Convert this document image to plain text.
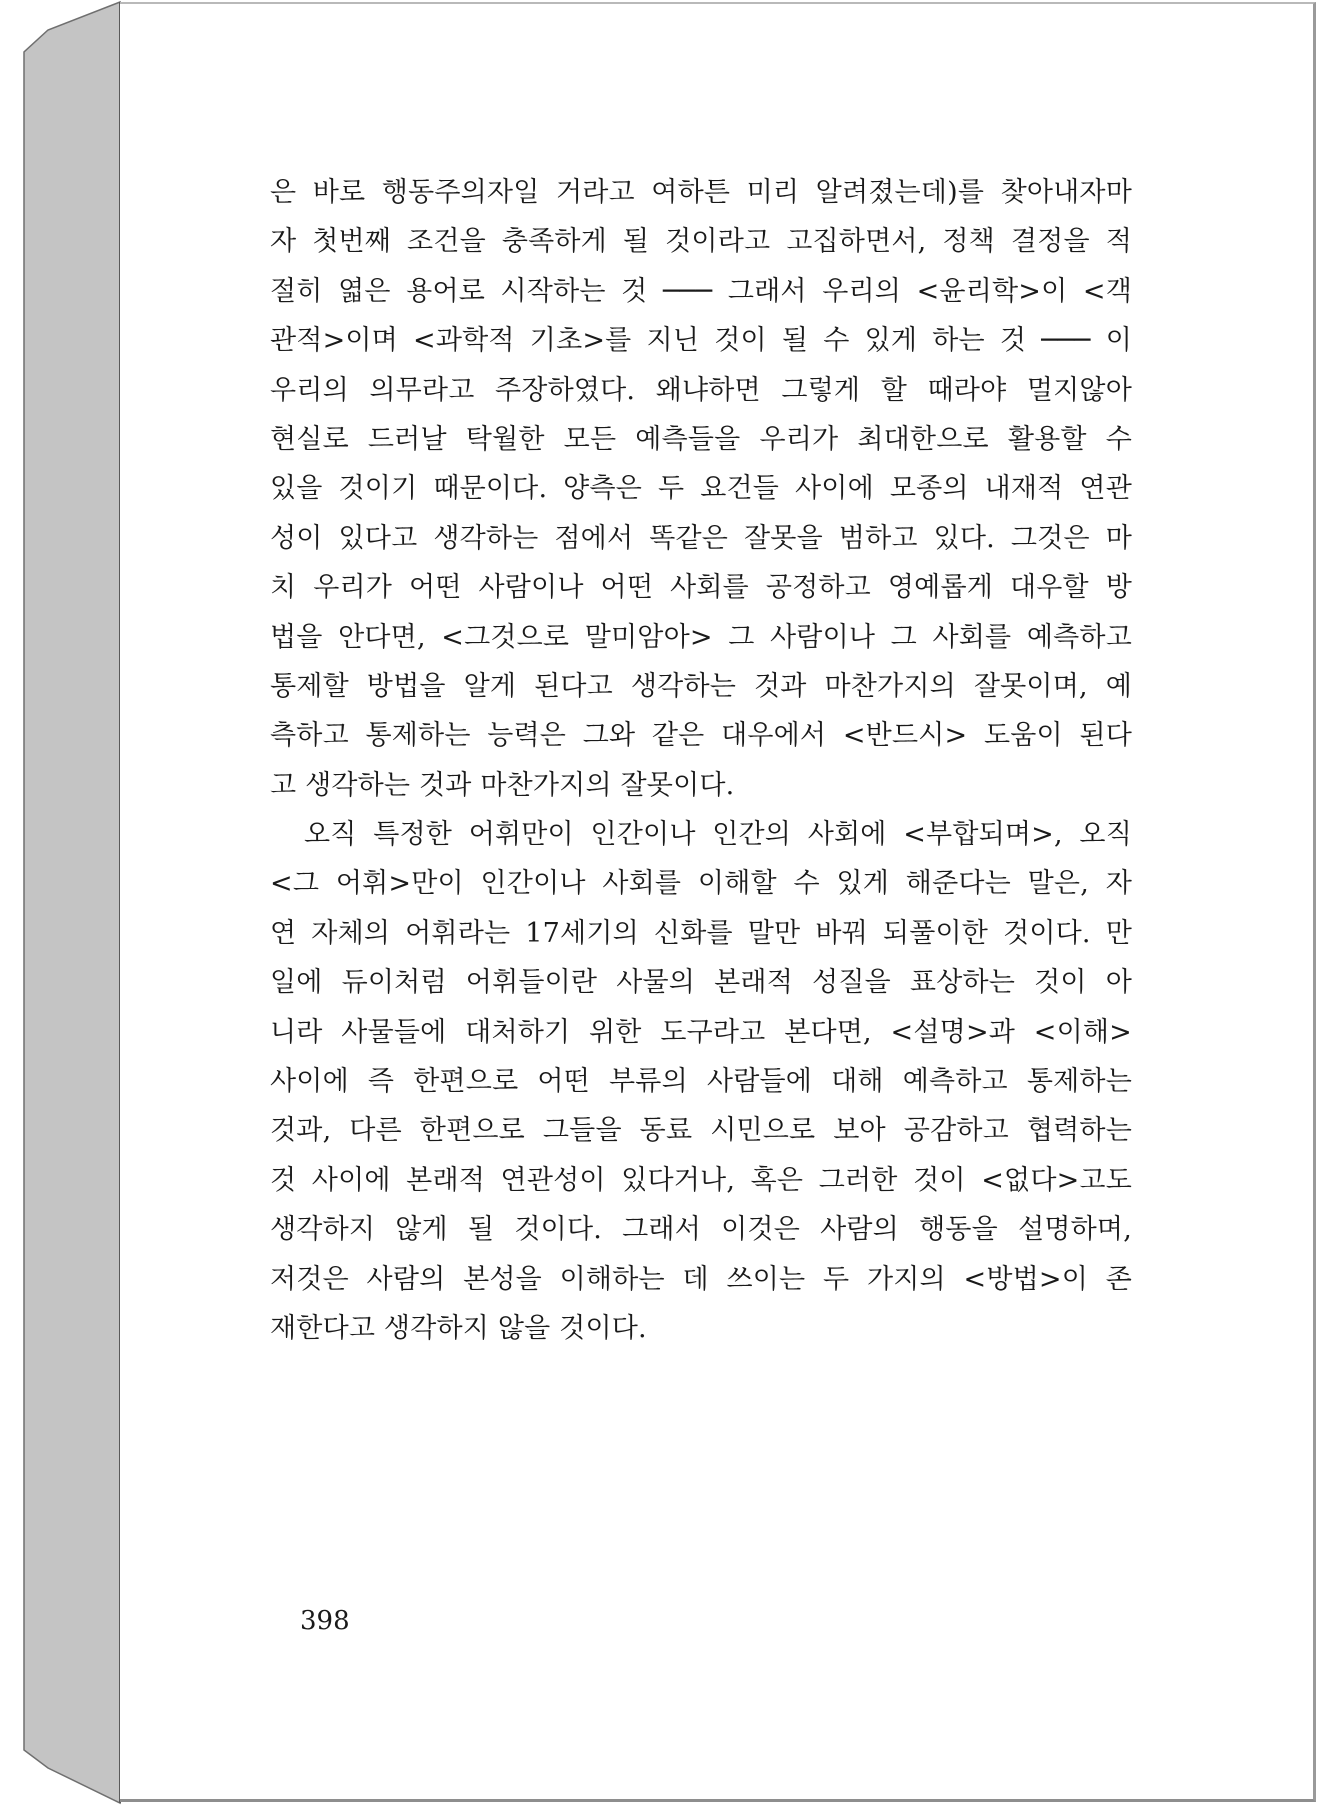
은 바로 행동주의자일 거라고 여하튼 미리 알려졌는데)를 찾아내자마
자 첫번째 조건을 충족하게 될 것이라고 고집하면서, 정책 결정을 적
절히 엷은 용어로 시작하는 것 ─── 그래서 우리의 <윤리학>이 <객
관적>이며 <과학적 기초>를 지닌 것이 될 수 있게 하는 것 ─── 이
우리의 의무라고 주장하였다. 왜냐하면 그렇게 할 때라야 멀지않아
현실로 드러날 탁월한 모든 예측들을 우리가 최대한으로 활용할 수
있을 것이기 때문이다. 양측은 두 요건들 사이에 모종의 내재적 연관
성이 있다고 생각하는 점에서 똑같은 잘못을 범하고 있다. 그것은 마
치 우리가 어떤 사람이나 어떤 사회를 공정하고 영예롭게 대우할 방
법을 안다면, <그것으로 말미암아> 그 사람이나 그 사회를 예측하고
통제할 방법을 알게 된다고 생각하는 것과 마찬가지의 잘못이며, 예
측하고 통제하는 능력은 그와 같은 대우에서 <반드시> 도움이 된다
고 생각하는 것과 마찬가지의 잘못이다.
오직 특정한 어휘만이 인간이나 인간의 사회에 <부합되며>, 오직
<그 어휘>만이 인간이나 사회를 이해할 수 있게 해준다는 말은, 자
연 자체의 어휘라는 17세기의 신화를 말만 바꿔 되풀이한 것이다. 만
일에 듀이처럼 어휘들이란 사물의 본래적 성질을 표상하는 것이 아
니라 사물들에 대처하기 위한 도구라고 본다면, <설명>과 <이해>
사이에 즉 한편으로 어떤 부류의 사람들에 대해 예측하고 통제하는
것과, 다른 한편으로 그들을 동료 시민으로 보아 공감하고 협력하는
것 사이에 본래적 연관성이 있다거나, 혹은 그러한 것이 <없다>고도
생각하지 않게 될 것이다. 그래서 이것은 사람의 행동을 설명하며,
저것은 사람의 본성을 이해하는 데 쓰이는 두 가지의 <방법>이 존
재한다고 생각하지 않을 것이다.
398
